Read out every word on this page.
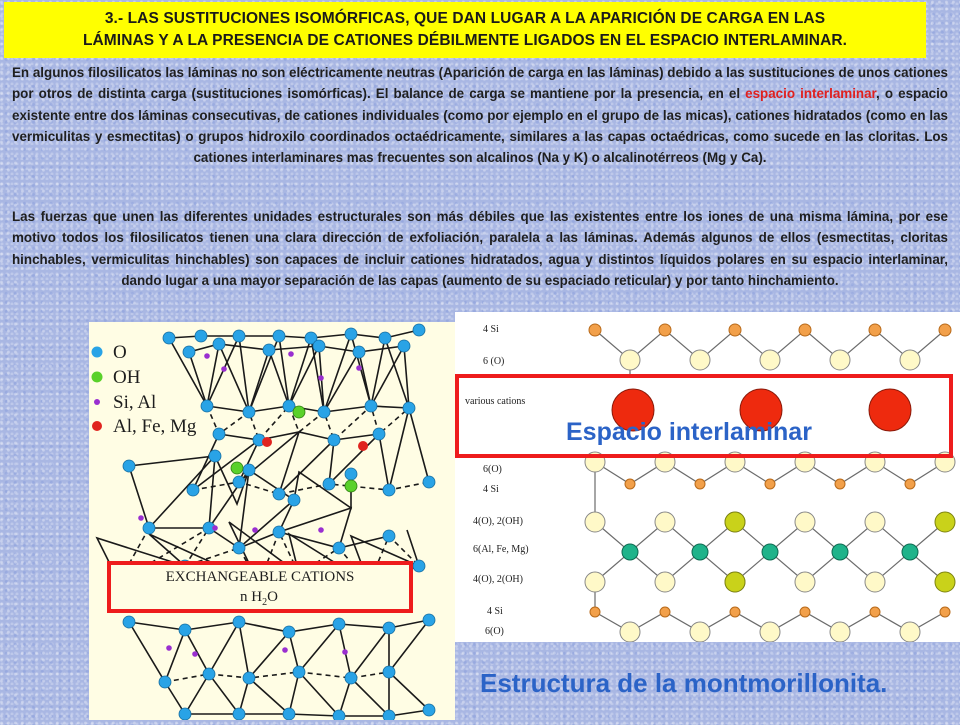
3.- LAS SUSTITUCIONES ISOMÓRFICAS, QUE DAN LUGAR A LA APARICIÓN DE CARGA EN LAS
LÁMINAS Y A LA PRESENCIA DE CATIONES DÉBILMENTE LIGADOS EN EL ESPACIO INTERLAMINAR.

En algunos filosilicatos las láminas no son eléctricamente neutras (Aparición de carga en las láminas) debido a las sustituciones de unos cationes por otros de distinta carga (sustituciones isomórficas). El balance de carga se mantiene por la presencia, en el espacio interlaminar, o espacio existente entre dos láminas consecutivas, de cationes individuales (como por ejemplo en el grupo de las micas), cationes hidratados (como en las vermiculitas y esmectitas) o grupos hidroxilo coordinados octaédricamente, similares a las capas octaédricas, como sucede en las cloritas. Los cationes interlaminares mas frecuentes son alcalinos (Na y K) o alcalinotérreos (Mg y Ca).

Las fuerzas que unen las diferentes unidades estructurales son más débiles que las existentes entre los iones de una misma lámina, por ese motivo todos los filosilicatos tienen una clara dirección de exfoliación, paralela a las láminas. Además algunos de ellos (esmectitas, cloritas hinchables, vermiculitas hinchables) son capaces de incluir cationes hidratados, agua y distintos líquidos polares en su espacio interlaminar, dando lugar a una mayor separación de las capas (aumento de su espaciado reticular) y por tanto hinchamiento.

O
OH
Si, Al
Al, Fe, Mg
EXCHANGEABLE CATIONS
n $H_2O$
4 Si
6 (O)
various cations
6(O)
4 Si
4(O), 2(OH)
6(Al, Fe, Mg)
4(O), 2(OH)
4 Si
6(O)
Espacio interlaminar
Estructura de la montmorillonita.
